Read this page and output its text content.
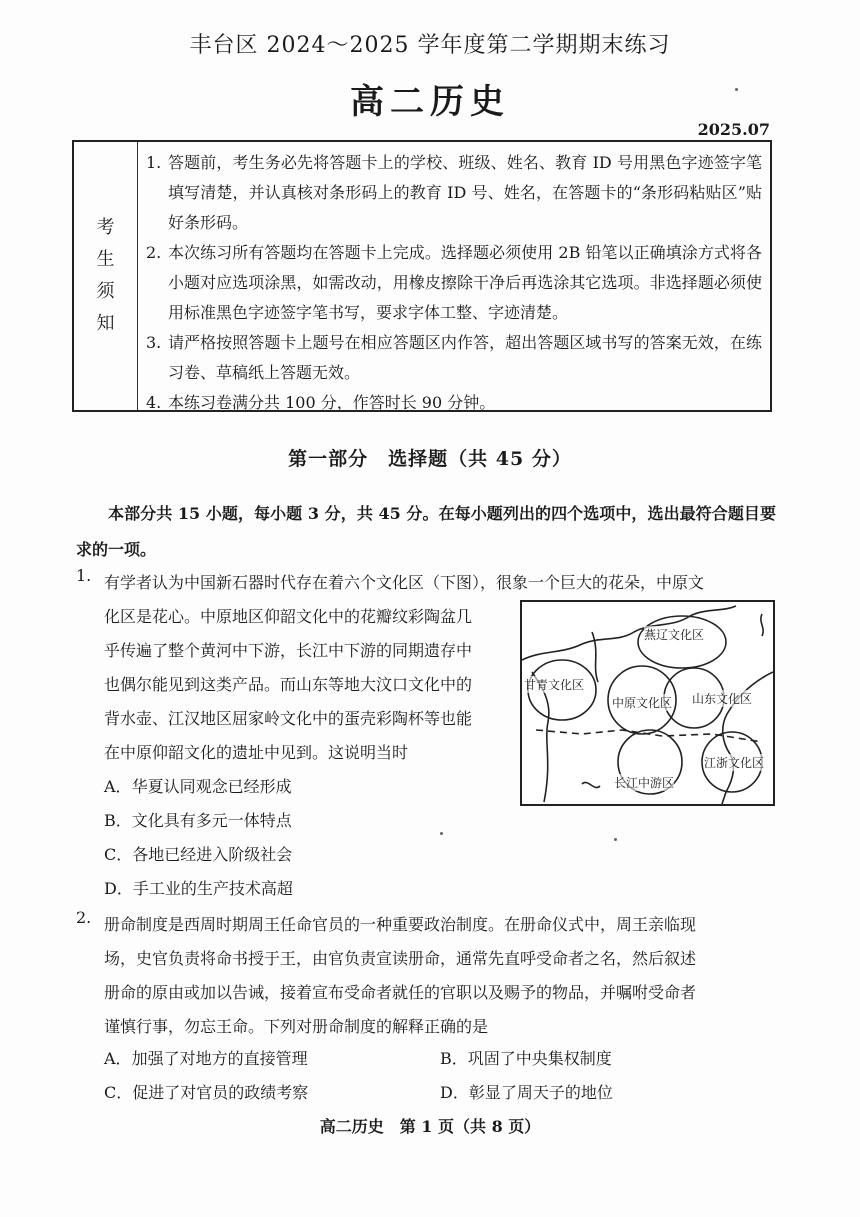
丰台区 2024～2025 学年度第二学期期末练习
高二历史
2025.07
考
生
须
知
1. 答题前，考生务必先将答题卡上的学校、班级、姓名、教育 ID 号用黑色字迹签字笔填写清楚，并认真核对条形码上的教育 ID 号、姓名，在答题卡的“条形码粘贴区”贴好条形码。
2. 本次练习所有答题均在答题卡上完成。选择题必须使用 2B 铅笔以正确填涂方式将各小题对应选项涂黑，如需改动，用橡皮擦除干净后再选涂其它选项。非选择题必须使用标准黑色字迹签字笔书写，要求字体工整、字迹清楚。
3. 请严格按照答题卡上题号在相应答题区内作答，超出答题区域书写的答案无效，在练习卷、草稿纸上答题无效。
4. 本练习卷满分共 100 分，作答时长 90 分钟。
第一部分　选择题（共 45 分）
本部分共 15 小题，每小题 3 分，共 45 分。在每小题列出的四个选项中，选出最符合题目要求的一项。
1. 有学者认为中国新石器时代存在着六个文化区（下图），很象一个巨大的花朵，中原文
化区是花心。中原地区仰韶文化中的花瓣纹彩陶盆几
乎传遍了整个黄河中下游，长江中下游的同期遗存中
也偶尔能见到这类产品。而山东等地大汶口文化中的
背水壶、江汉地区屈家岭文化中的蛋壳彩陶杯等也能
在中原仰韶文化的遗址中见到。这说明当时
A．华夏认同观念已经形成
B．文化具有多元一体特点
C．各地已经进入阶级社会
D．手工业的生产技术高超
燕辽文化区
甘青文化区
中原文化区 山东文化区
江浙文化区
长江中游区
2. 册命制度是西周时期周王任命官员的一种重要政治制度。在册命仪式中，周王亲临现
场，史官负责将命书授于王，由官负责宣读册命，通常先直呼受命者之名，然后叙述
册命的原由或加以告诫，接着宣布受命者就任的官职以及赐予的物品，并嘱咐受命者
谨慎行事，勿忘王命。下列对册命制度的解释正确的是
A．加强了对地方的直接管理	B．巩固了中央集权制度
C．促进了对官员的政绩考察	D．彰显了周天子的地位
高二历史　第 1 页（共 8 页）
